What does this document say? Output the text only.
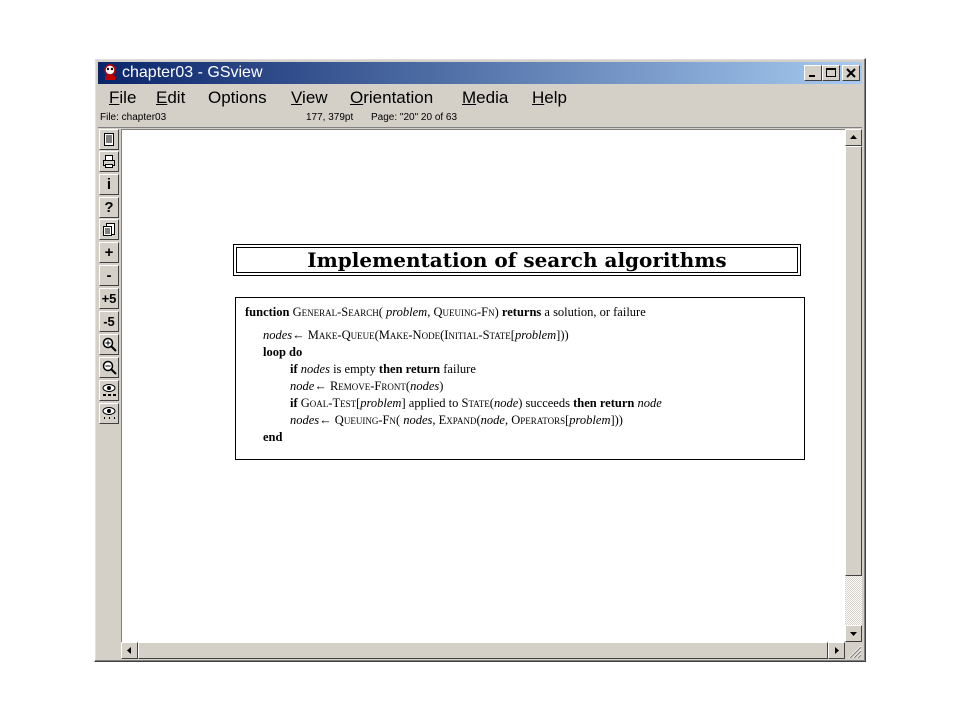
chapter03 - GSview
File Edit Options View Orientation Media Help
File: chapter03	177, 379pt Page: "20" 20 of 63
i
?
+
-
+5
-5
Implementation of search algorithms
function General-Search( problem, Queuing-Fn) returns a solution, or failure
nodes← Make-Queue(Make-Node(Initial-State[problem]))
loop do
if nodes is empty then return failure
node← Remove-Front(nodes)
if Goal-Test[problem] applied to State(node) succeeds then return node
nodes← Queuing-Fn( nodes, Expand(node, Operators[problem]))
end
